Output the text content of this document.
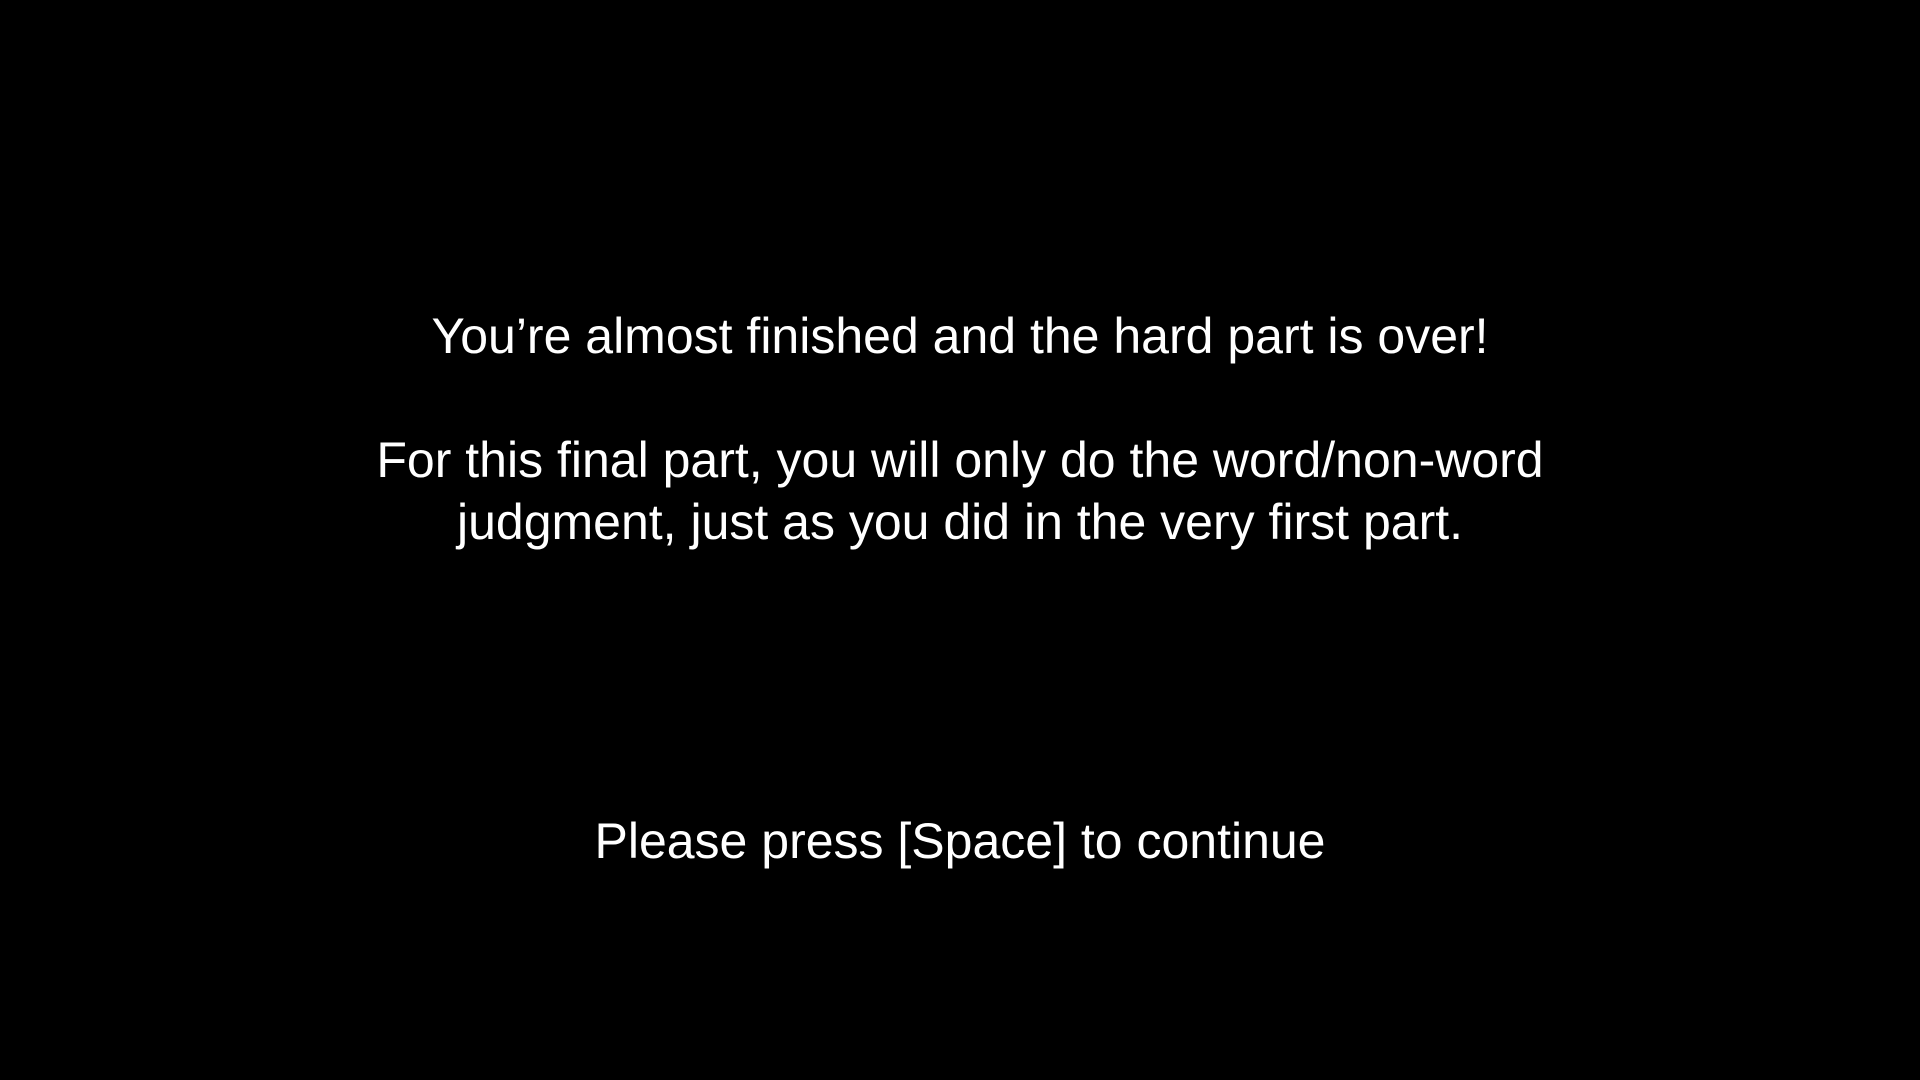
You’re almost finished and the hard part is over!
For this final part, you will only do the word/non-word
judgment, just as you did in the very first part.
Please press [Space] to continue
